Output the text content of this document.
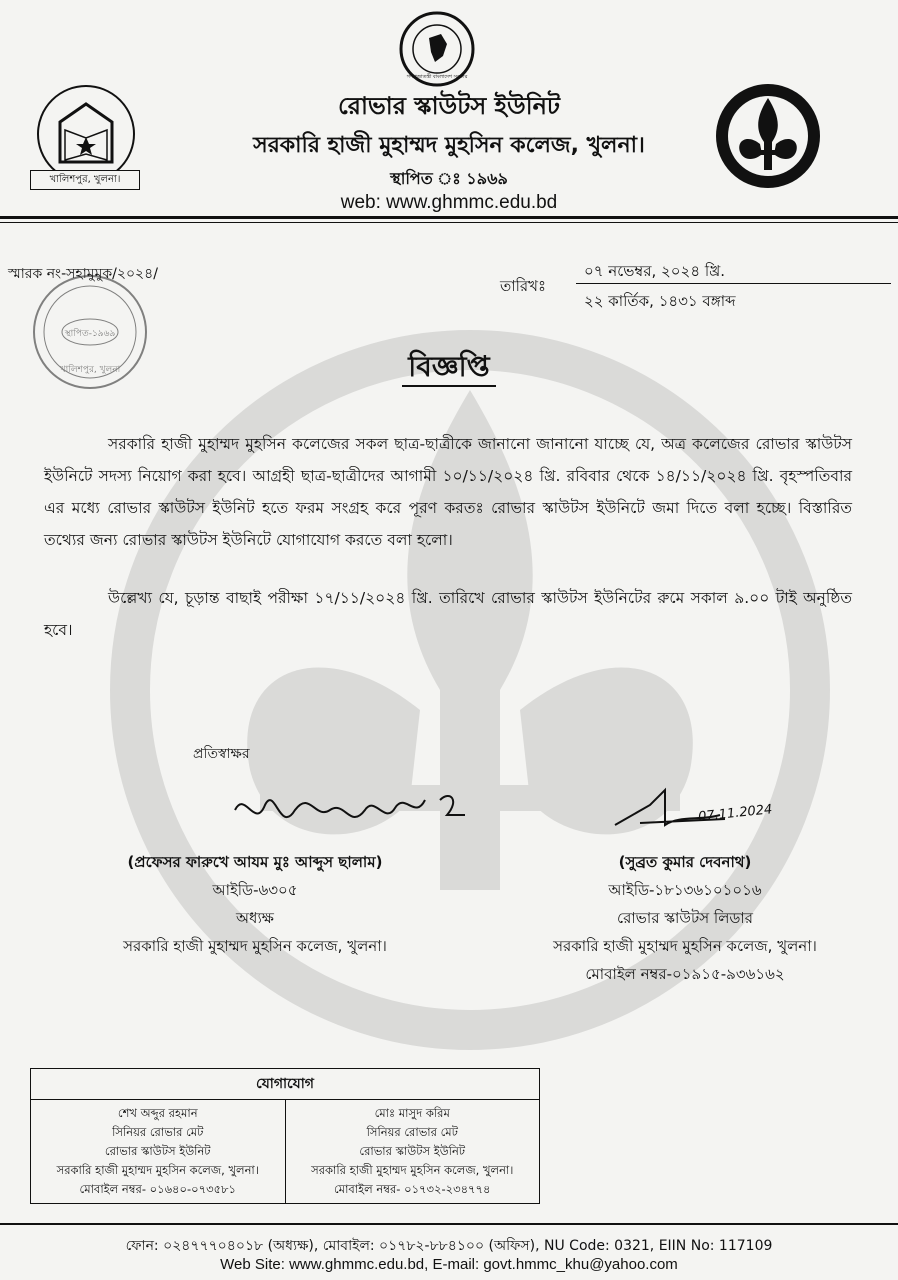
খালিশপুর, খুলনা।
রোভার স্কাউটস ইউনিট
সরকারি হাজী মুহাম্মদ মুহসিন কলেজ, খুলনা।
স্থাপিত ঃ ১৯৬৯
web: www.ghmmc.edu.bd
স্মারক নং-সহামুমুক/২০২৪/
তারিখঃ
০৭ নভেম্বর, ২০২৪ খ্রি.
২২ কার্তিক, ১৪৩১ বঙ্গাব্দ
স্থাপিত-১৯৬৯
খালিশপুর, খুলনা	বিজ্ঞপ্তি
সরকারি হাজী মুহাম্মদ মুহসিন কলেজের সকল ছাত্র-ছাত্রীকে জানানো জানানো যাচ্ছে যে, অত্র কলেজের রোভার স্কাউটস ইউনিটে সদস্য নিয়োগ করা হবে। আগ্রহী ছাত্র-ছাত্রীদের আগামী ১০/১১/২০২৪ খ্রি. রবিবার থেকে ১৪/১১/২০২৪ খ্রি. বৃহস্পতিবার এর মধ্যে রোভার স্কাউটস ইউনিট হতে ফরম সংগ্রহ করে পূরণ করতঃ রোভার স্কাউটস ইউনিটে জমা দিতে বলা হচ্ছে। বিস্তারিত তথ্যের জন্য রোভার স্কাউটস ইউনিটে যোগাযোগ করতে বলা হলো।
উল্লেখ্য যে, চূড়ান্ত বাছাই পরীক্ষা ১৭/১১/২০২৪ খ্রি. তারিখে রোভার স্কাউটস ইউনিটের রুমে সকাল ৯.০০ টাই অনুষ্ঠিত হবে।
প্রতিস্বাক্ষর
07.11.2024
(প্রফেসর ফারুখে আযম মুঃ আব্দুস ছালাম)
আইডি-৬৩০৫
অধ্যক্ষ
সরকারি হাজী মুহাম্মদ মুহসিন কলেজ, খুলনা।
(সুব্রত কুমার দেবনাথ)
আইডি-১৮১৩৬১০১০১৬
রোভার স্কাউটস লিডার
সরকারি হাজী মুহাম্মদ মুহসিন কলেজ, খুলনা।
মোবাইল নম্বর-০১৯১৫-৯৩৬১৬২
যোগাযোগ
শেখ অব্দুর রহমান
সিনিয়র রোভার মেট
রোভার স্কাউটস ইউনিট
সরকারি হাজী মুহাম্মদ মুহসিন কলেজ, খুলনা।
মোবাইল নম্বর- ০১৬৪০-০৭৩৫৮১
মোঃ মাসুদ করিম
সিনিয়র রোভার মেট
রোভার স্কাউটস ইউনিট
সরকারি হাজী মুহাম্মদ মুহসিন কলেজ, খুলনা।
মোবাইল নম্বর- ০১৭৩২-২৩৪৭৭৪
ফোন: ০২৪৭৭৭০৪০১৮ (অধ্যক্ষ), মোবাইল: ০১৭৮২-৮৮৪১০০ (অফিস), NU Code: 0321, EIIN No: 117109
Web Site: www.ghmmc.edu.bd, E-mail: govt.hmmc_khu@yahoo.com
গণপ্রজাতন্ত্রী বাংলাদেশ সরকার
